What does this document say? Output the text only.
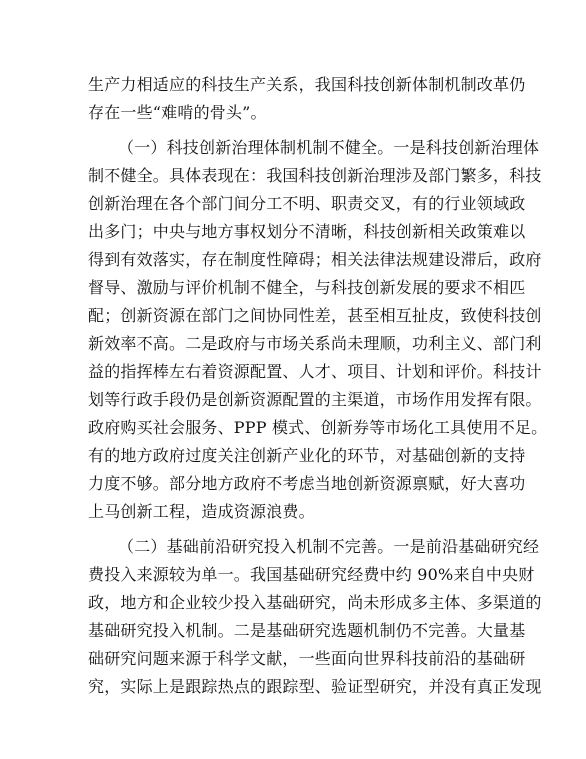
生产力相适应的科技生产关系，我国科技创新体制机制改革仍
存在一些“难啃的骨头”。
（一）科技创新治理体制机制不健全。一是科技创新治理体
制不健全。具体表现在：我国科技创新治理涉及部门繁多，科技
创新治理在各个部门间分工不明、职责交叉，有的行业领域政
出多门；中央与地方事权划分不清晰，科技创新相关政策难以
得到有效落实，存在制度性障碍；相关法律法规建设滞后，政府
督导、激励与评价机制不健全，与科技创新发展的要求不相匹
配；创新资源在部门之间协同性差，甚至相互扯皮，致使科技创
新效率不高。二是政府与市场关系尚未理顺，功利主义、部门利
益的指挥棒左右着资源配置、人才、项目、计划和评价。科技计
划等行政手段仍是创新资源配置的主渠道，市场作用发挥有限。
政府购买社会服务、PPP 模式、创新券等市场化工具使用不足。
有的地方政府过度关注创新产业化的环节，对基础创新的支持
力度不够。部分地方政府不考虑当地创新资源禀赋，好大喜功
上马创新工程，造成资源浪费。
（二）基础前沿研究投入机制不完善。一是前沿基础研究经
费投入来源较为单一。我国基础研究经费中约 90%来自中央财
政，地方和企业较少投入基础研究，尚未形成多主体、多渠道的
基础研究投入机制。二是基础研究选题机制仍不完善。大量基
础研究问题来源于科学文献，一些面向世界科技前沿的基础研
究，实际上是跟踪热点的跟踪型、验证型研究，并没有真正发现
